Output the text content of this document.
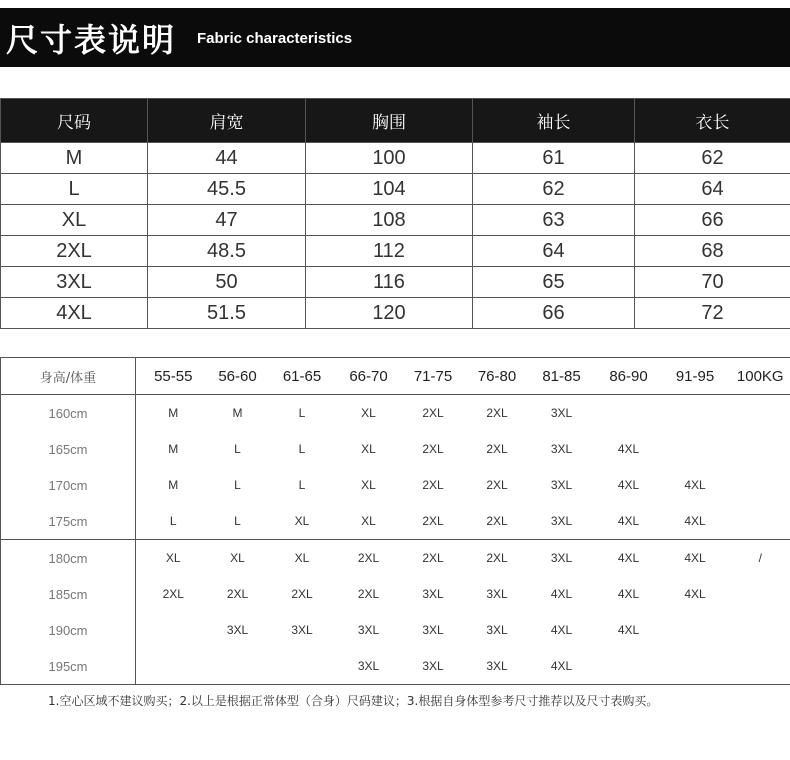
尺寸表说明 Fabric characteristics
尺码	肩宽	胸围	袖长	衣长
M	44	100	61	62
L	45.5	104	62	64
XL	47	108	63	66
2XL	48.5	112	64	68
3XL	50	116	65	70
4XL	51.5	120	66	72
身高/体重	55-55	56-60	61-65	66-70	71-75	76-80	81-85	86-90	91-95	100KG
160cm	M	M	L	XL	2XL	2XL	3XL			
165cm	M	L	L	XL	2XL	2XL	3XL	4XL		
170cm	M	L	L	XL	2XL	2XL	3XL	4XL	4XL	
175cm	L	L	XL	XL	2XL	2XL	3XL	4XL	4XL	
180cm	XL	XL	XL	2XL	2XL	2XL	3XL	4XL	4XL	/
185cm	2XL	2XL	2XL	2XL	3XL	3XL	4XL	4XL	4XL	
190cm		3XL	3XL	3XL	3XL	3XL	4XL	4XL		
195cm				3XL	3XL	3XL	4XL			
1.空心区域不建议购买；2.以上是根据正常体型（合身）尺码建议；3.根据自身体型参考尺寸推荐以及尺寸表购买。
